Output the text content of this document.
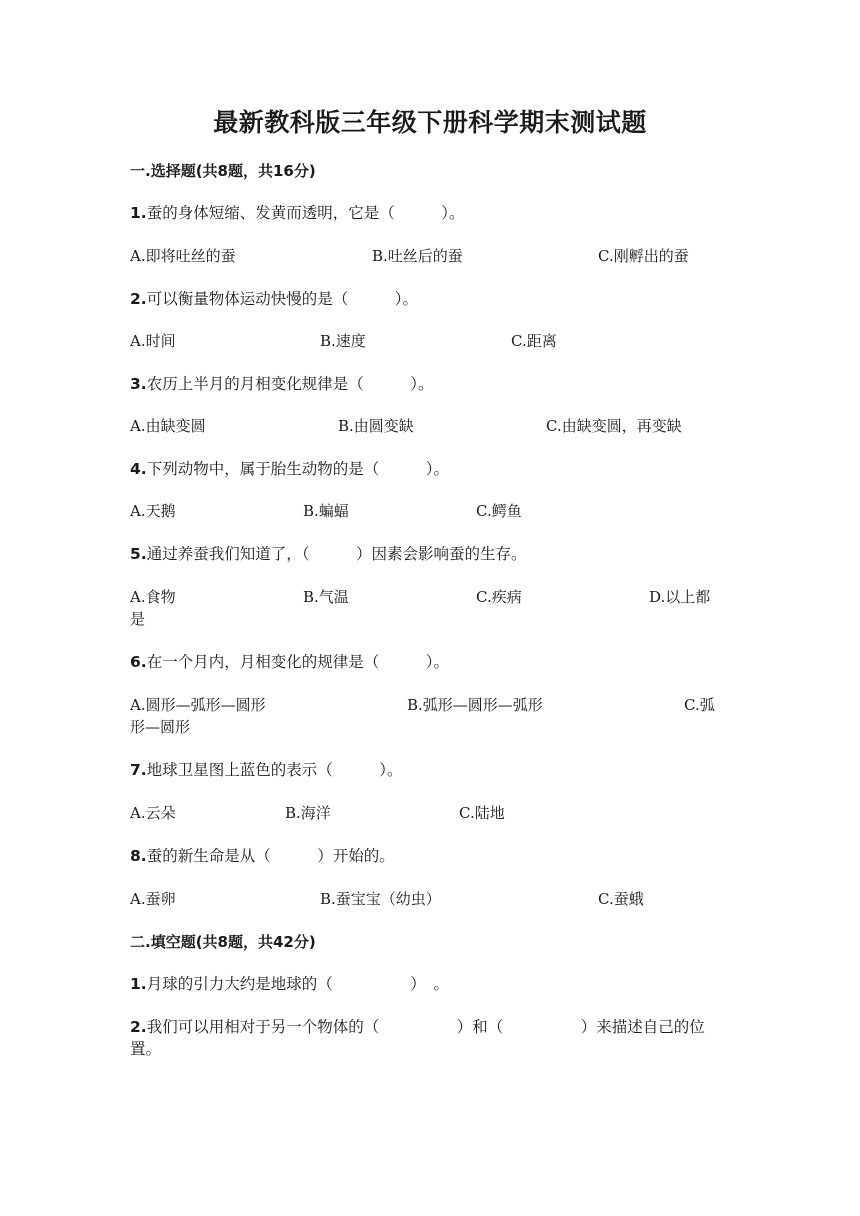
最新教科版三年级下册科学期末测试题
一.选择题(共8题，共16分)
1.蚕的身体短缩、发黄而透明，它是（　　　）。
A.即将吐丝的蚕	B.吐丝后的蚕	C.刚孵出的蚕
2.可以衡量物体运动快慢的是（　　　）。
A.时间	B.速度	C.距离
3.农历上半月的月相变化规律是（　　　）。
A.由缺变圆	B.由圆变缺	C.由缺变圆，再变缺
4.下列动物中，属于胎生动物的是（　　　）。
A.天鹅	B.蝙蝠	C.鳄鱼
5.通过养蚕我们知道了，（　　　）因素会影响蚕的生存。
A.食物	B.气温	C.疾病	D.以上都是
6.在一个月内，月相变化的规律是（　　　）。
A.圆形—弧形—圆形	B.弧形—圆形—弧形	C.弧形—圆形
7.地球卫星图上蓝色的表示（　　　）。
A.云朵	B.海洋	C.陆地
8.蚕的新生命是从（　　　）开始的。
A.蚕卵	B.蚕宝宝（幼虫）	C.蚕蛾
二.填空题(共8题，共42分)
1.月球的引力大约是地球的（　　　　　）　。
2.我们可以用相对于另一个物体的（　　　　　）和（　　　　　）来描述自己的位置。
